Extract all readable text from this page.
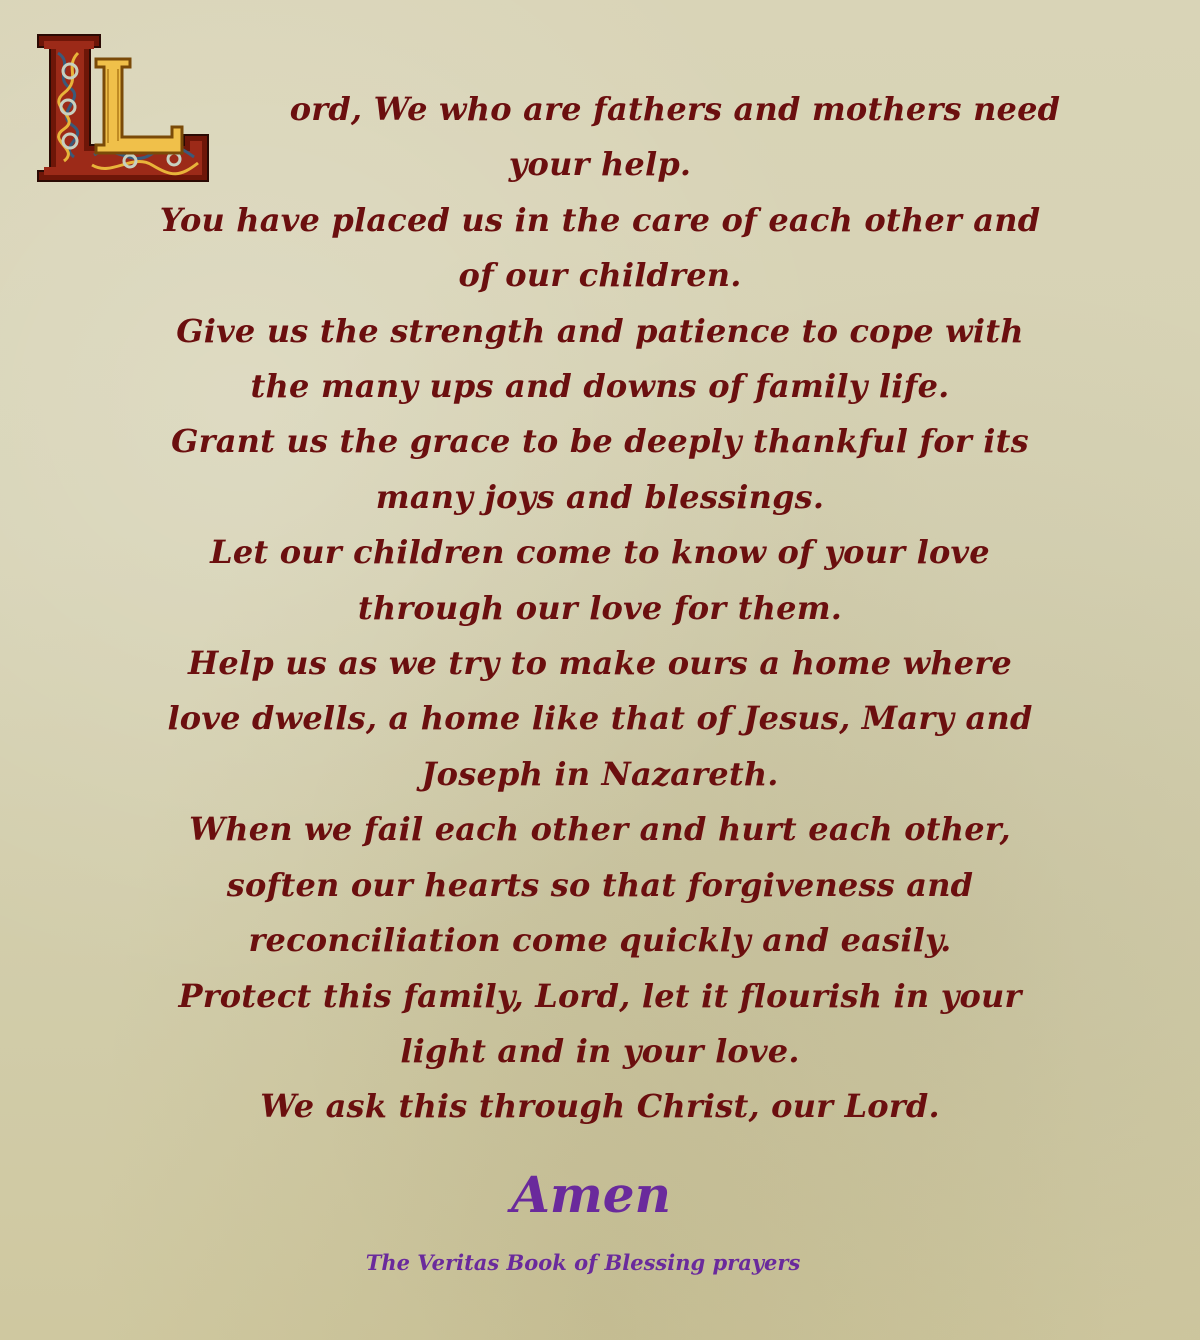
ord, We who are fathers and mothers need
your help.
You have placed us in the care of each other and
of our children.
Give us the strength and patience to cope with
the many ups and downs of family life.
Grant us the grace to be deeply thankful for its
many joys and blessings.
Let our children come to know of your love
through our love for them.
Help us as we try to make ours a home where
love dwells, a home like that of Jesus, Mary and
Joseph in Nazareth.
When we fail each other and hurt each other,
soften our hearts so that forgiveness and
reconciliation come quickly and easily.
Protect this family, Lord, let it flourish in your
light and in your love.
We ask this through Christ, our Lord.
Amen
The Veritas Book of Blessing prayers
